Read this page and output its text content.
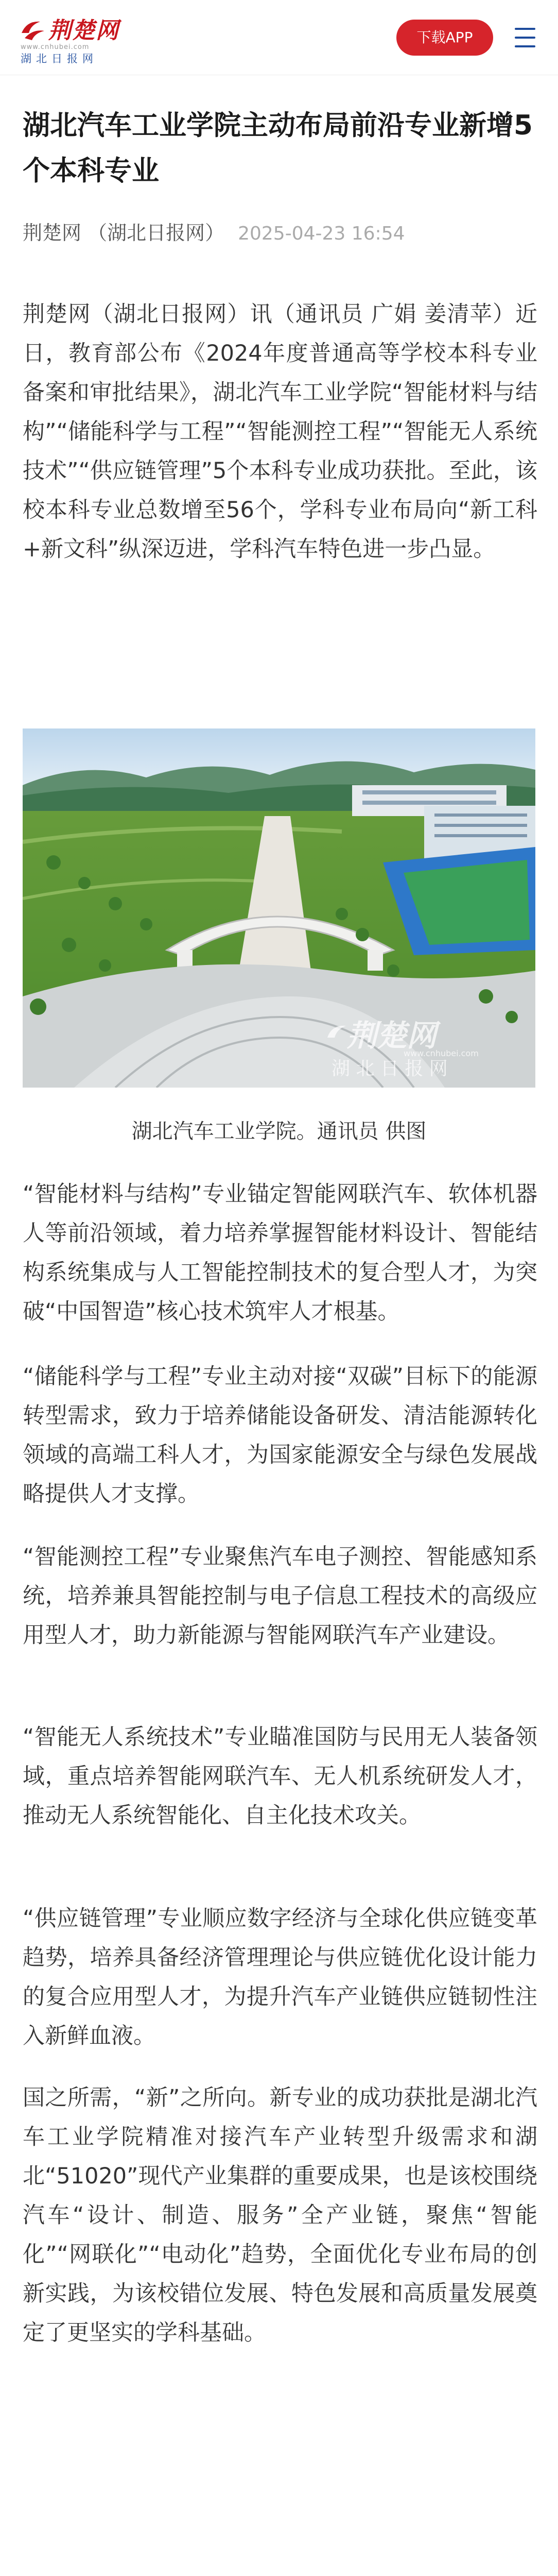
荆楚网
www.cnhubei.com
湖北日报网
下载APP
湖北汽车工业学院主动布局前沿专业新增5个本科专业
荆楚网 （湖北日报网） 2025-04-23 16:54

荆楚网（湖北日报网）讯（通讯员 广娟 姜清苹）近日，教育部公布《2024年度普通高等学校本科专业备案和审批结果》，湖北汽车工业学院“智能材料与结构”“储能科学与工程”“智能测控工程”“智能无人系统技术”“供应链管理”5个本科专业成功获批。至此，该校本科专业总数增至56个，学科专业布局向“新工科+新文科”纵深迈进，学科汽车特色进一步凸显。

荆楚网
www.cnhubei.com
湖 北 日 报 网
湖北汽车工业学院。通讯员 供图

“智能材料与结构”专业锚定智能网联汽车、软体机器人等前沿领域，着力培养掌握智能材料设计、智能结构系统集成与人工智能控制技术的复合型人才，为突破“中国智造”核心技术筑牢人才根基。

“储能科学与工程”专业主动对接“双碳”目标下的能源转型需求，致力于培养储能设备研发、清洁能源转化领域的高端工科人才，为国家能源安全与绿色发展战略提供人才支撑。

“智能测控工程”专业聚焦汽车电子测控、智能感知系统，培养兼具智能控制与电子信息工程技术的高级应用型人才，助力新能源与智能网联汽车产业建设。

“智能无人系统技术”专业瞄准国防与民用无人装备领域，重点培养智能网联汽车、无人机系统研发人才，推动无人系统智能化、自主化技术攻关。

“供应链管理”专业顺应数字经济与全球化供应链变革趋势，培养具备经济管理理论与供应链优化设计能力的复合应用型人才，为提升汽车产业链供应链韧性注入新鲜血液。

国之所需，“新”之所向。新专业的成功获批是湖北汽车工业学院精准对接汽车产业转型升级需求和湖北“51020”现代产业集群的重要成果，也是该校围绕汽车“设计、制造、服务”全产业链，聚焦“智能化”“网联化”“电动化”趋势，全面优化专业布局的创新实践，为该校错位发展、特色发展和高质量发展奠定了更坚实的学科基础。
